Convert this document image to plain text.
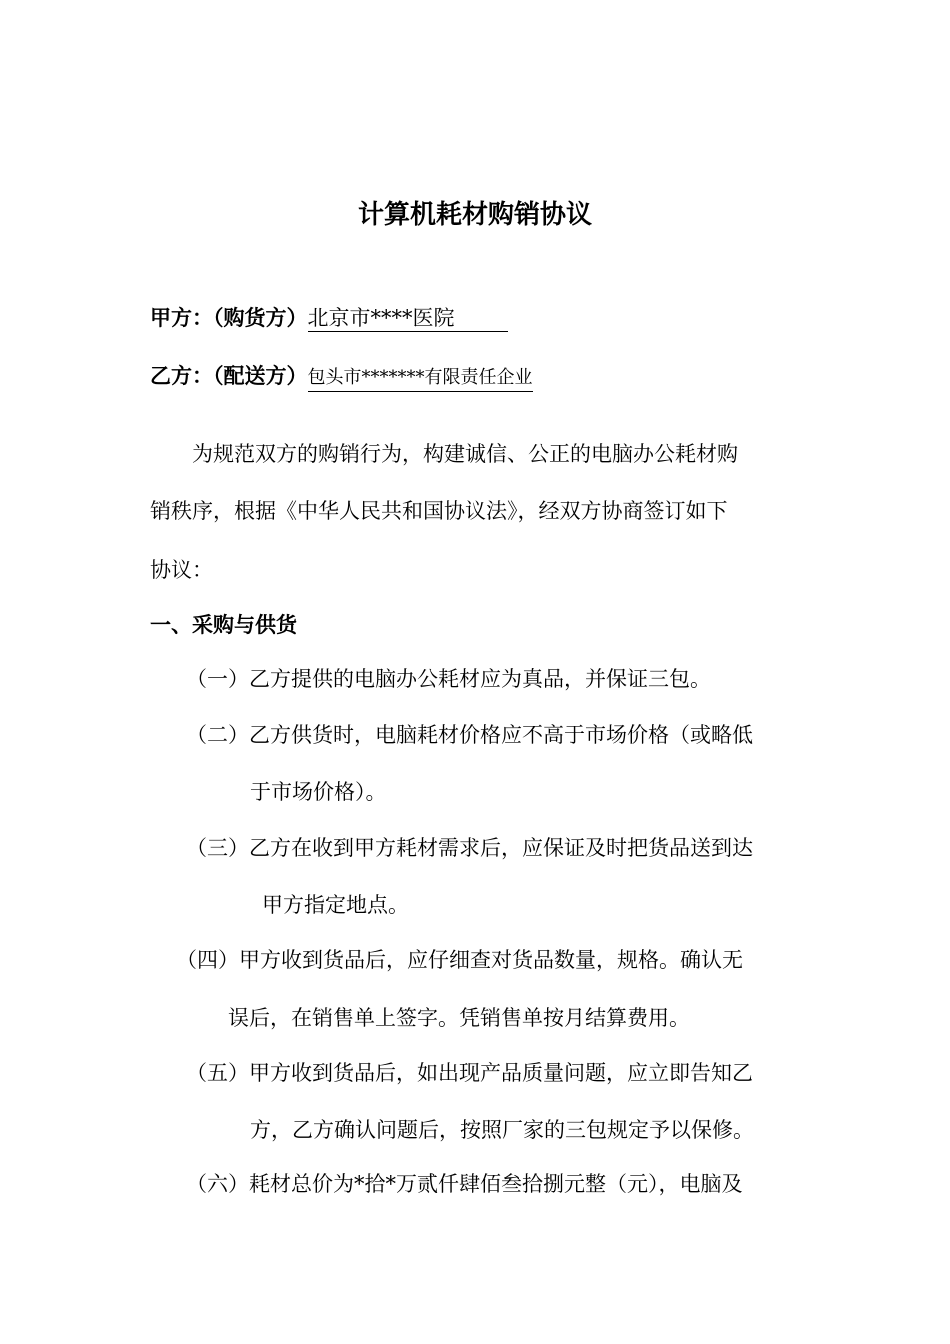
计算机耗材购销协议
甲方：（购货方）北京市****医院
乙方：（配送方）包头市*******有限责任企业
为规范双方的购销行为，构建诚信、公正的电脑办公耗材购
销秩序，根据《中华人民共和国协议法》，经双方协商签订如下
协议：
一、采购与供货
（一）乙方提供的电脑办公耗材应为真品，并保证三包。
（二）乙方供货时，电脑耗材价格应不高于市场价格（或略低
于市场价格）。
（三）乙方在收到甲方耗材需求后，应保证及时把货品送到达
甲方指定地点。
（四）甲方收到货品后，应仔细查对货品数量，规格。确认无
误后，在销售单上签字。凭销售单按月结算费用。
（五）甲方收到货品后，如出现产品质量问题，应立即告知乙
方，乙方确认问题后，按照厂家的三包规定予以保修。
（六）耗材总价为*拾*万贰仟肆佰叁拾捌元整（元），电脑及
